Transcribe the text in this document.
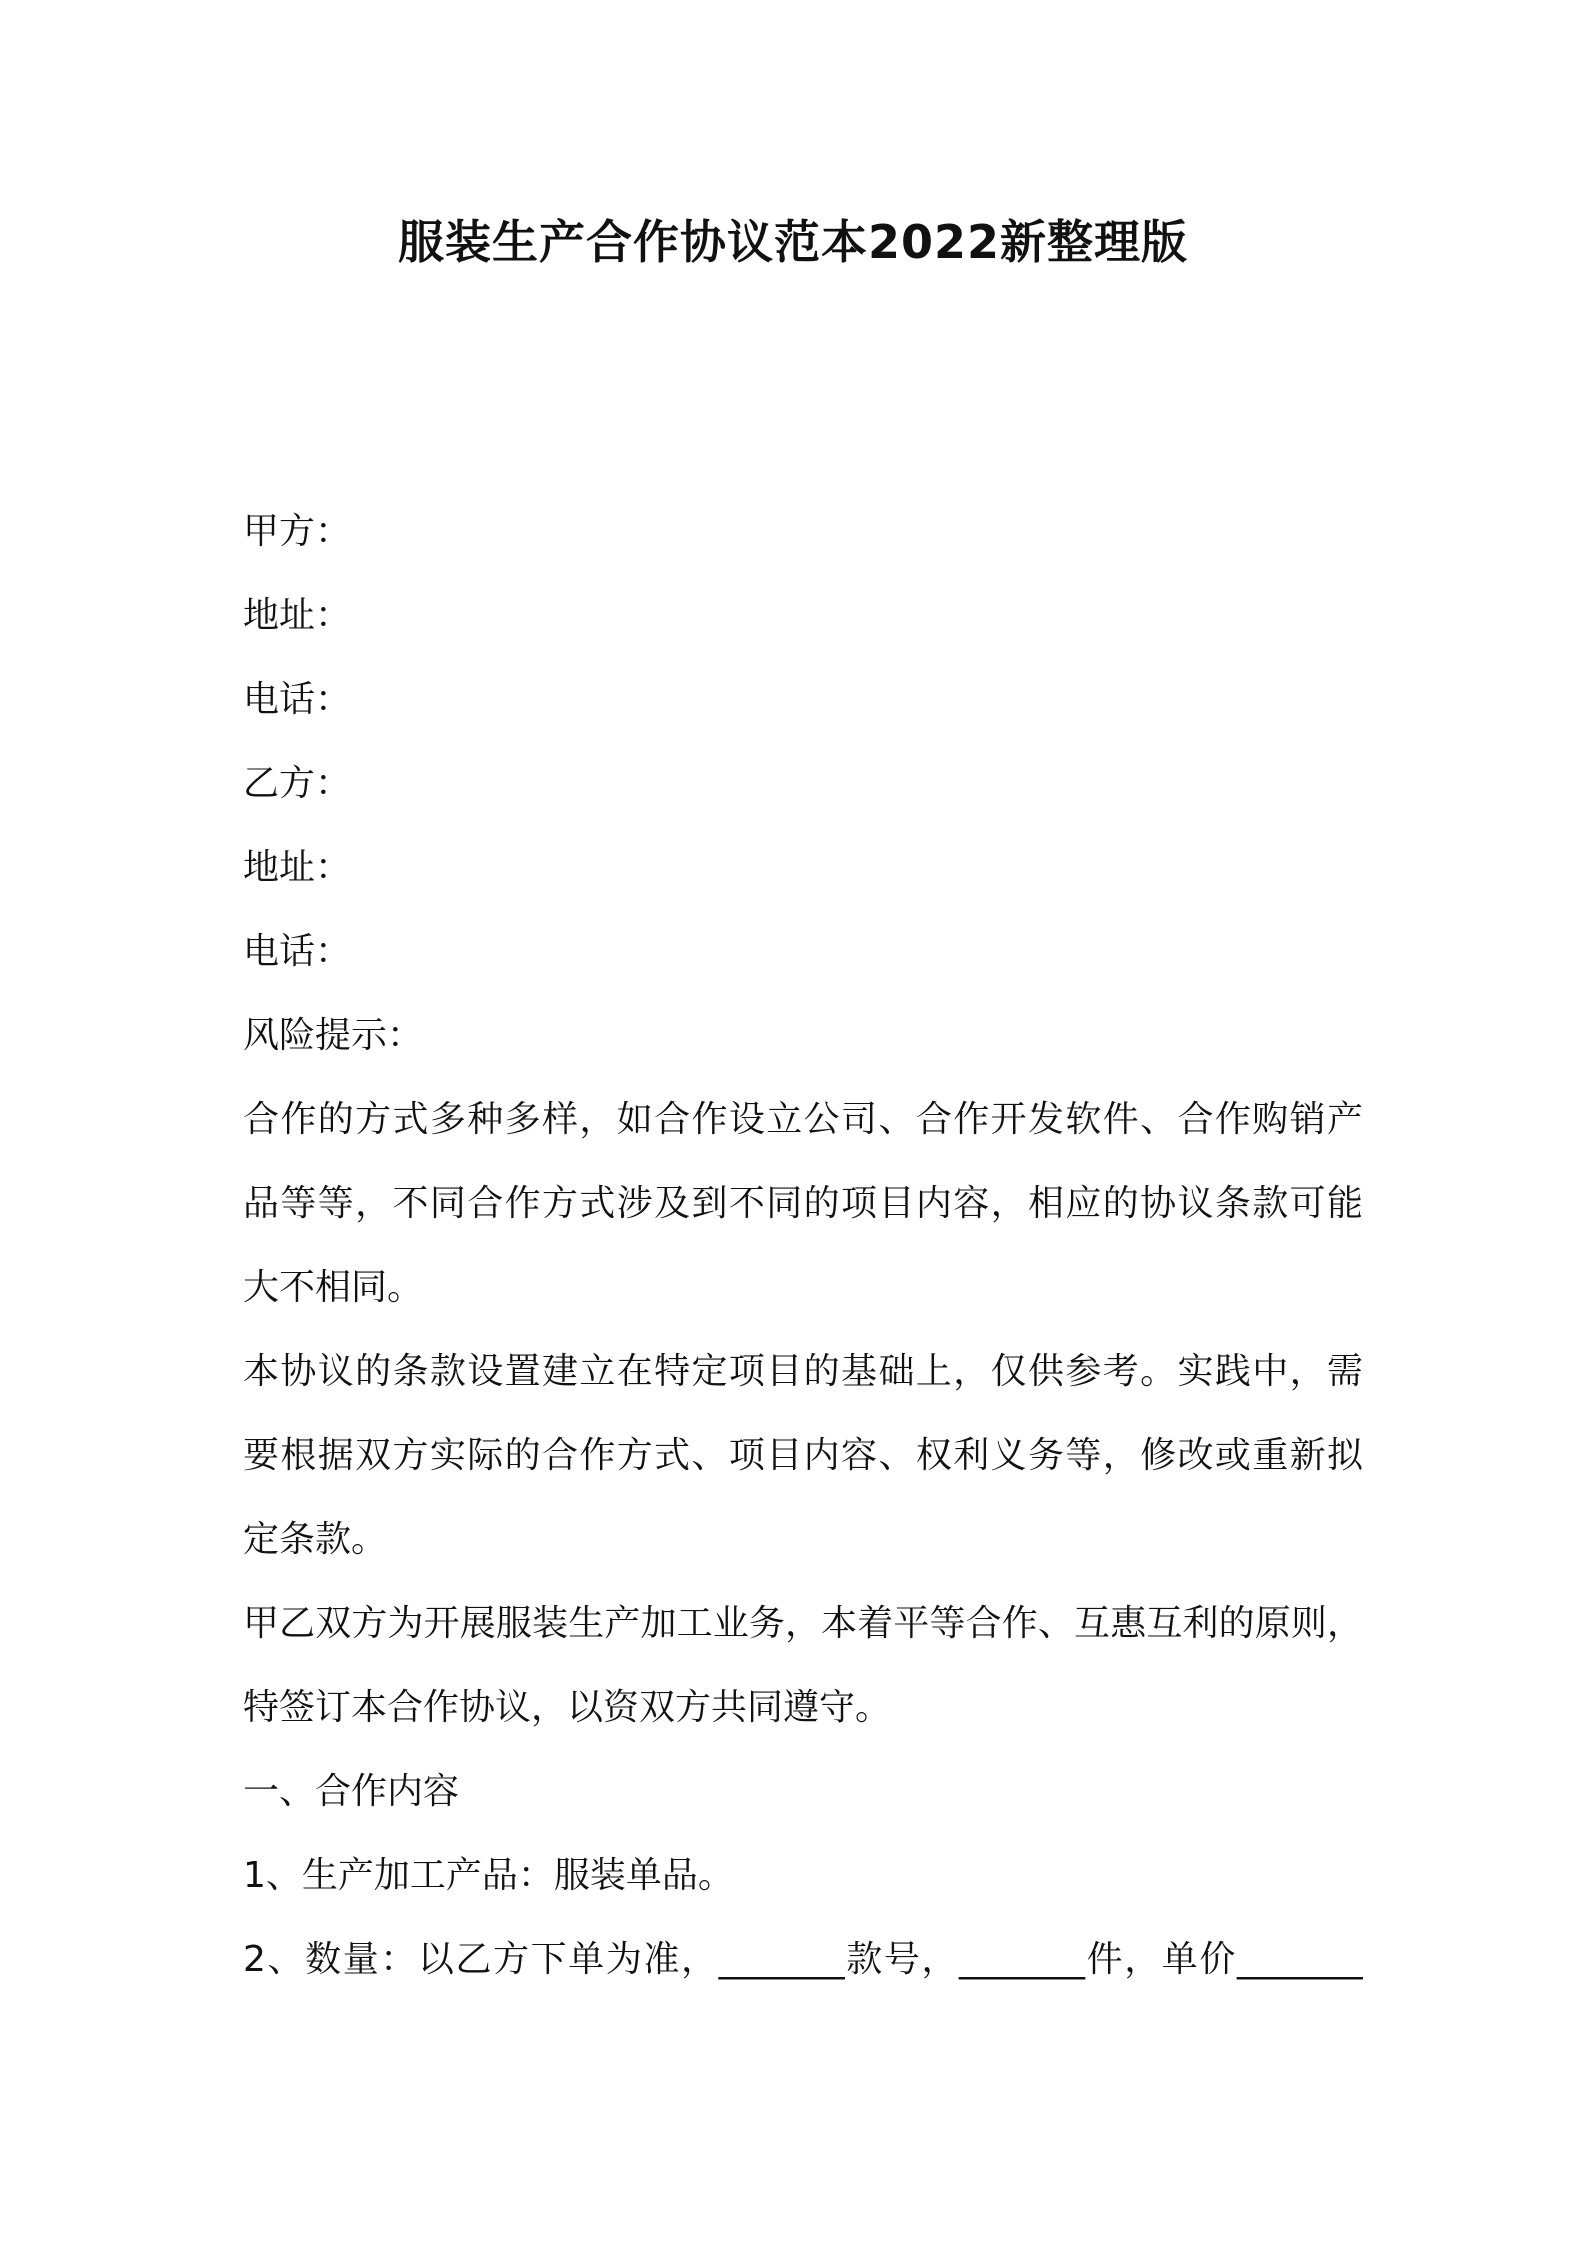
服装生产合作协议范本2022新整理版
甲方：
地址：
电话：
乙方：
地址：
电话：
风险提示：
合作的方式多种多样，如合作设立公司、合作开发软件、合作购销产
品等等，不同合作方式涉及到不同的项目内容，相应的协议条款可能
大不相同。
本协议的条款设置建立在特定项目的基础上，仅供参考。实践中，需
要根据双方实际的合作方式、项目内容、权利义务等，修改或重新拟
定条款。
甲乙双方为开展服装生产加工业务，本着平等合作、互惠互利的原则，
特签订本合作协议，以资双方共同遵守。
一、合作内容
1、生产加工产品：服装单品。
2、数量：以乙方下单为准，_______款号，_______件，单价_______
